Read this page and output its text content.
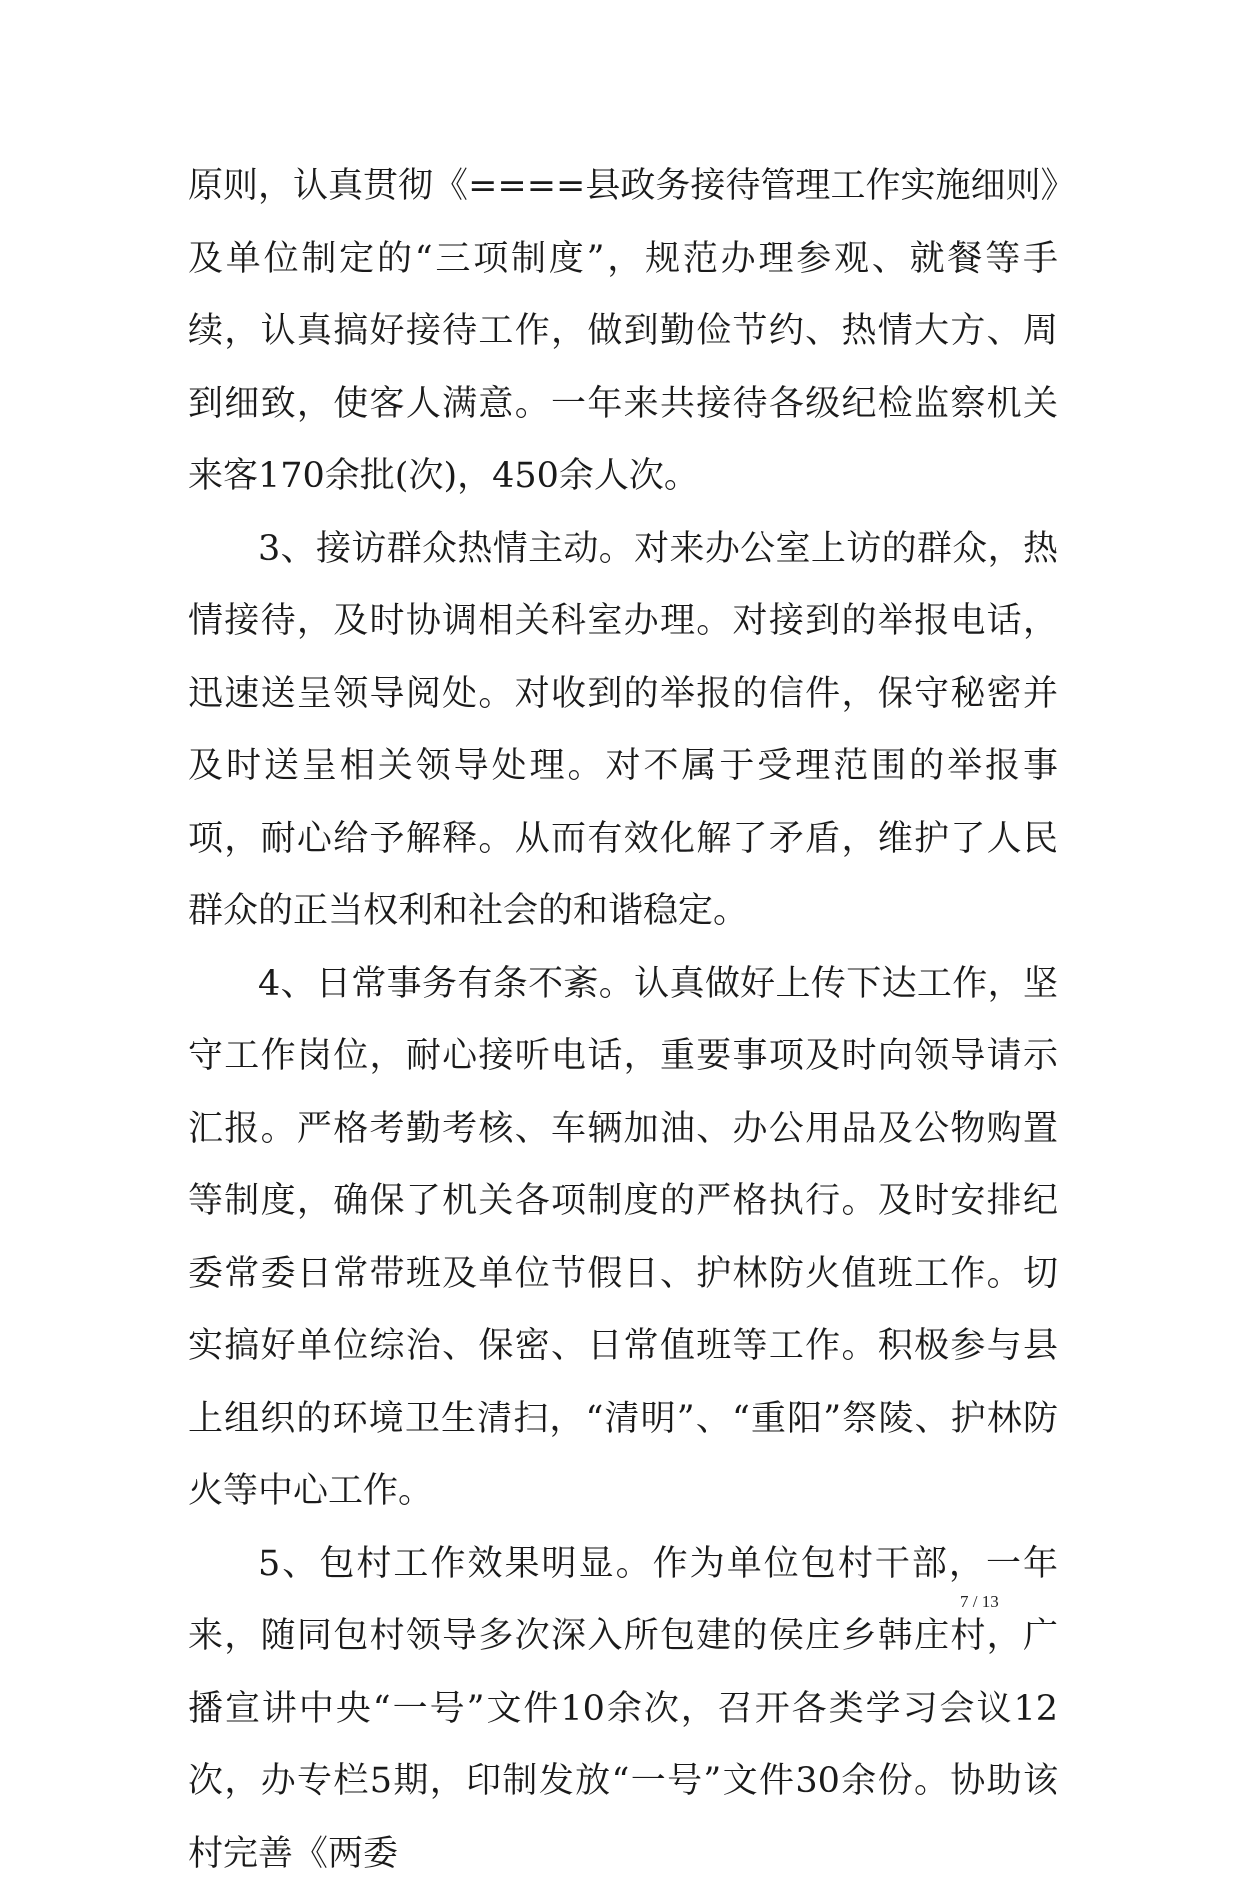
原则，认真贯彻《====县政务接待管理工作实施细则》及单位制定的“三项制度”，规范办理参观、就餐等手续，认真搞好接待工作，做到勤俭节约、热情大方、周到细致，使客人满意。一年来共接待各级纪检监察机关来客170余批(次)，450余人次。

3、接访群众热情主动。对来办公室上访的群众，热情接待，及时协调相关科室办理。对接到的举报电话，迅速送呈领导阅处。对收到的举报的信件，保守秘密并及时送呈相关领导处理。对不属于受理范围的举报事项，耐心给予解释。从而有效化解了矛盾，维护了人民群众的正当权利和社会的和谐稳定。

4、日常事务有条不紊。认真做好上传下达工作，坚守工作岗位，耐心接听电话，重要事项及时向领导请示汇报。严格考勤考核、车辆加油、办公用品及公物购置等制度，确保了机关各项制度的严格执行。及时安排纪委常委日常带班及单位节假日、护林防火值班工作。切实搞好单位综治、保密、日常值班等工作。积极参与县上组织的环境卫生清扫，“清明”、“重阳”祭陵、护林防火等中心工作。

5、包村工作效果明显。作为单位包村干部，一年来，随同包村领导多次深入所包建的侯庄乡韩庄村，广播宣讲中央“一号”文件10余次，召开各类学习会议12次，办专栏5期，印制发放“一号”文件30余份。协助该村完善《两委

7 / 13
